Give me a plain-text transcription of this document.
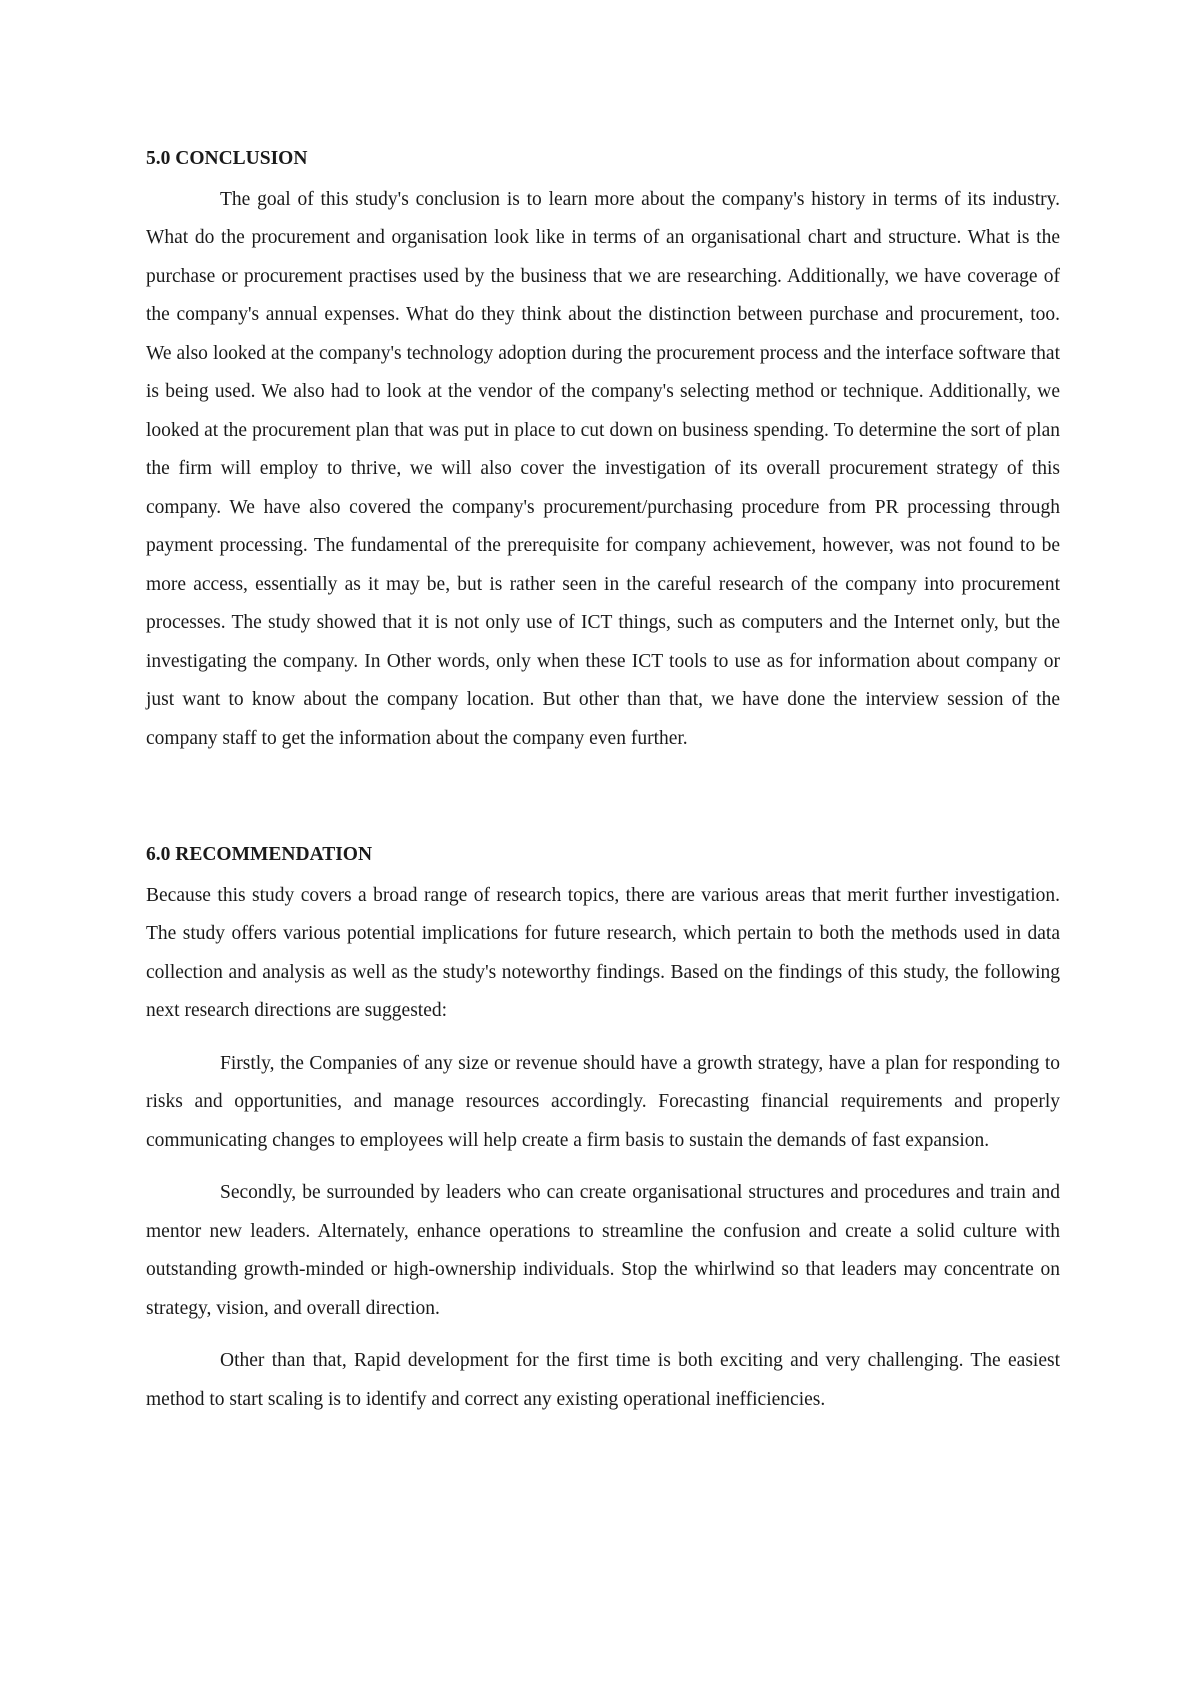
5.0 CONCLUSION

The goal of this study's conclusion is to learn more about the company's history in terms of its industry. What do the procurement and organisation look like in terms of an organisational chart and structure. What is the purchase or procurement practises used by the business that we are researching. Additionally, we have coverage of the company's annual expenses. What do they think about the distinction between purchase and procurement, too. We also looked at the company's technology adoption during the procurement process and the interface software that is being used. We also had to look at the vendor of the company's selecting method or technique. Additionally, we looked at the procurement plan that was put in place to cut down on business spending. To determine the sort of plan the firm will employ to thrive, we will also cover the investigation of its overall procurement strategy of this company. We have also covered the company's procurement/purchasing procedure from PR processing through payment processing. The fundamental of the prerequisite for company achievement, however, was not found to be more access, essentially as it may be, but is rather seen in the careful research of the company into procurement processes. The study showed that it is not only use of ICT things, such as computers and the Internet only, but the investigating the company. In Other words, only when these ICT tools to use as for information about company or just want to know about the company location. But other than that, we have done the interview session of the company staff to get the information about the company even further.

6.0 RECOMMENDATION

Because this study covers a broad range of research topics, there are various areas that merit further investigation. The study offers various potential implications for future research, which pertain to both the methods used in data collection and analysis as well as the study's noteworthy findings. Based on the findings of this study, the following next research directions are suggested:

Firstly, the Companies of any size or revenue should have a growth strategy, have a plan for responding to risks and opportunities, and manage resources accordingly. Forecasting financial requirements and properly communicating changes to employees will help create a firm basis to sustain the demands of fast expansion.

Secondly, be surrounded by leaders who can create organisational structures and procedures and train and mentor new leaders. Alternately, enhance operations to streamline the confusion and create a solid culture with outstanding growth-minded or high-ownership individuals. Stop the whirlwind so that leaders may concentrate on strategy, vision, and overall direction.

Other than that, Rapid development for the first time is both exciting and very challenging. The easiest method to start scaling is to identify and correct any existing operational inefficiencies.
